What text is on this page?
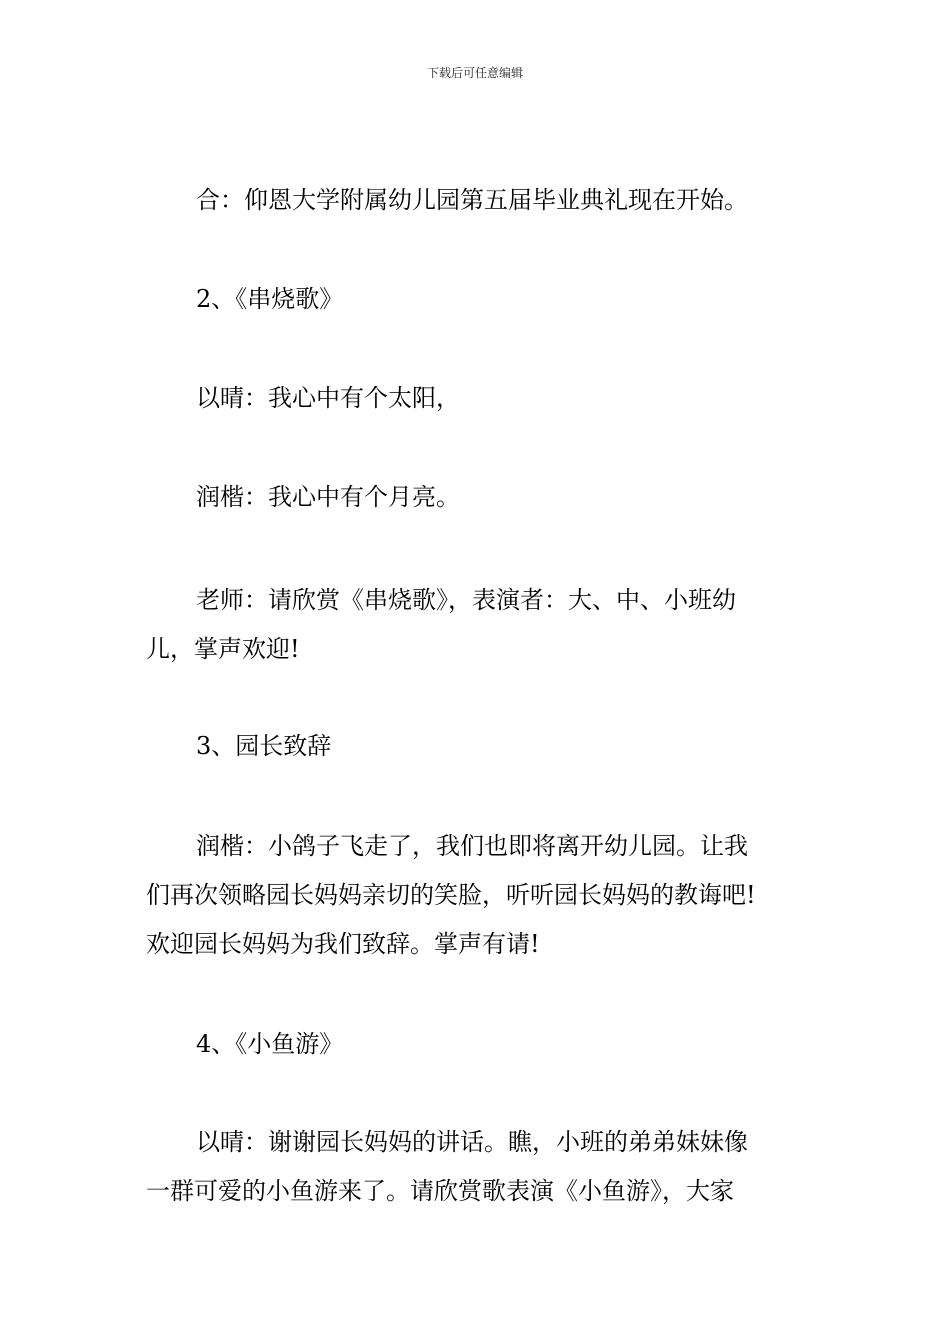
下载后可任意编辑
合：仰恩大学附属幼儿园第五届毕业典礼现在开始。
2、《串烧歌》
以晴：我心中有个太阳，
润楷：我心中有个月亮。
老师：请欣赏《串烧歌》，表演者：大、中、小班幼
儿，掌声欢迎!
3、园长致辞
润楷：小鸽子飞走了，我们也即将离开幼儿园。让我
们再次领略园长妈妈亲切的笑脸，听听园长妈妈的教诲吧!
欢迎园长妈妈为我们致辞。掌声有请!
4、《小鱼游》
以晴：谢谢园长妈妈的讲话。瞧，小班的弟弟妹妹像
一群可爱的小鱼游来了。请欣赏歌表演《小鱼游》，大家
